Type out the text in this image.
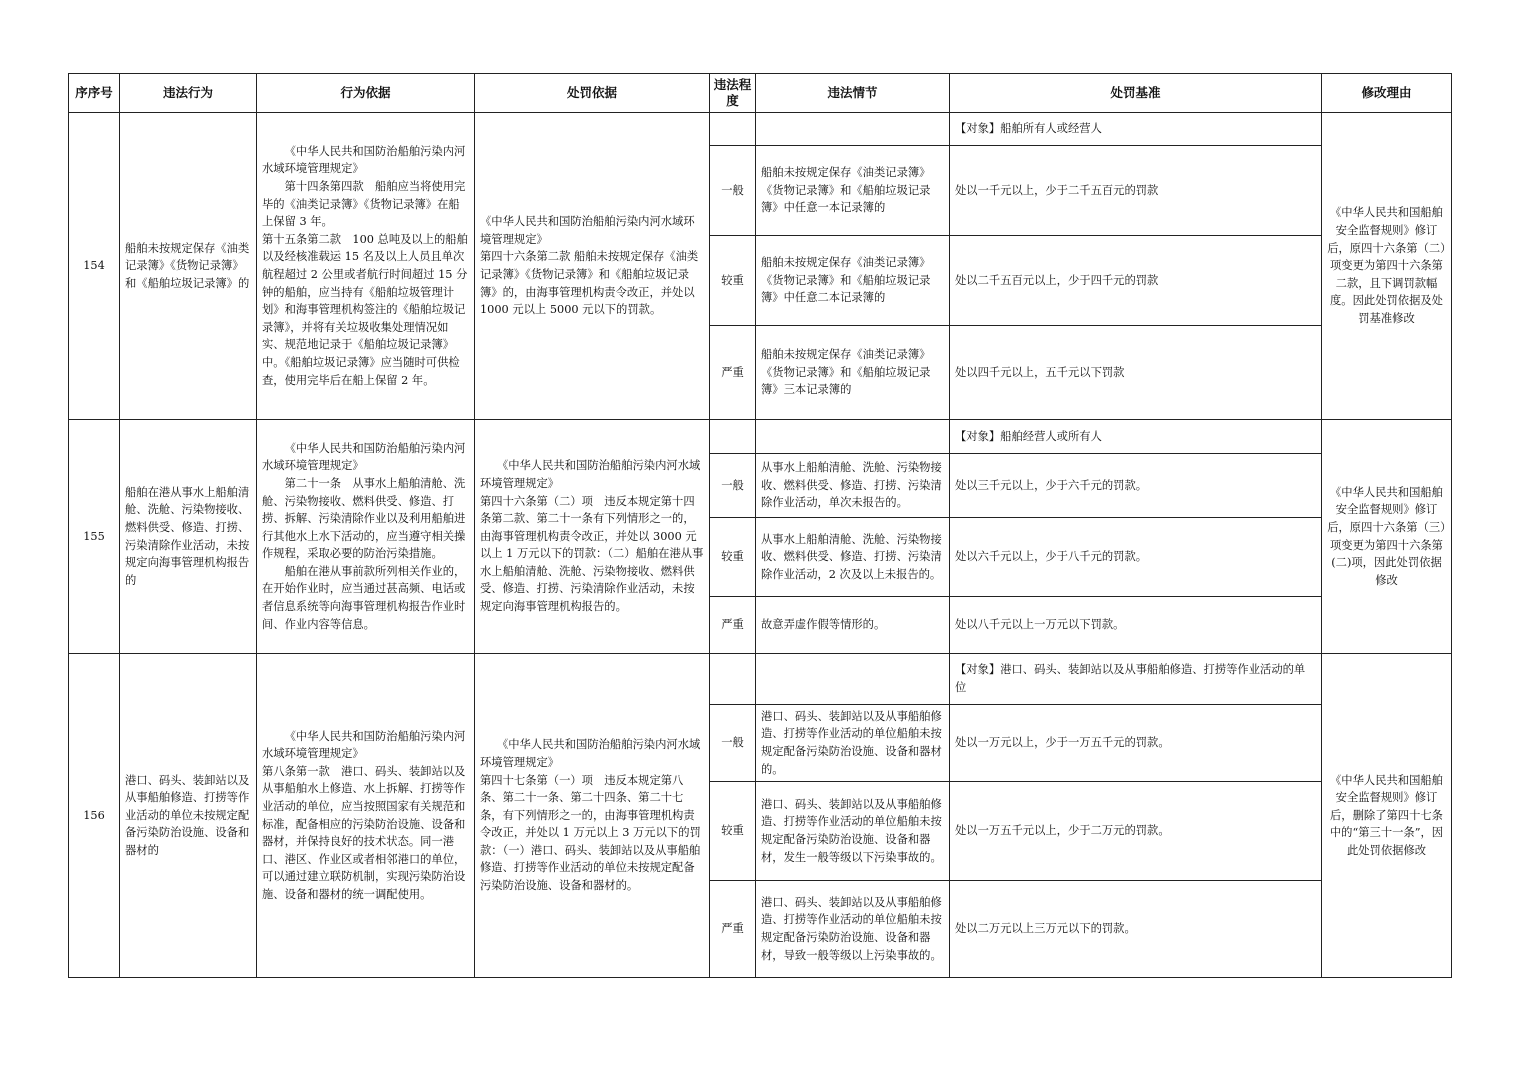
序序号	违法行为	行为依据	处罚依据	违法程度	违法情节	处罚基准	修改理由
154	船舶未按规定保存《油类记录簿》《货物记录簿》和《船舶垃圾记录簿》的	《中华人民共和国防治船舶污染内河水域环境管理规定》
　　第十四条第四款　船舶应当将使用完毕的《油类记录簿》《货物记录簿》在船上保留 3 年。
第十五条第二款　100 总吨及以上的船舶以及经核准载运 15 名及以上人员且单次航程超过 2 公里或者航行时间超过 15 分钟的船舶，应当持有《船舶垃圾管理计划》和海事管理机构签注的《船舶垃圾记录簿》，并将有关垃圾收集处理情况如实、规范地记录于《船舶垃圾记录簿》中。《船舶垃圾记录簿》应当随时可供检查，使用完毕后在船上保留 2 年。	《中华人民共和国防治船舶污染内河水域环境管理规定》
第四十六条第二款 船舶未按规定保存《油类记录簿》《货物记录簿》和《船舶垃圾记录簿》的，由海事管理机构责令改正，并处以 1000 元以上 5000 元以下的罚款。			【对象】船舶所有人或经营人	《中华人民共和国船舶安全监督规则》修订后，原四十六条第（二）项变更为第四十六条第二款，且下调罚款幅度。因此处罚依据及处罚基准修改
				一般	船舶未按规定保存《油类记录簿》《货物记录簿》和《船舶垃圾记录簿》中任意一本记录簿的	处以一千元以上，少于二千五百元的罚款	
				较重	船舶未按规定保存《油类记录簿》《货物记录簿》和《船舶垃圾记录簿》中任意二本记录簿的	处以二千五百元以上，少于四千元的罚款	
				严重	船舶未按规定保存《油类记录簿》《货物记录簿》和《船舶垃圾记录簿》三本记录簿的	处以四千元以上，五千元以下罚款	
155	船舶在港从事水上船舶清舱、洗舱、污染物接收、燃料供受、修造、打捞、污染清除作业活动，未按规定向海事管理机构报告的	《中华人民共和国防治船舶污染内河水域环境管理规定》
　　第二十一条　从事水上船舶清舱、洗舱、污染物接收、燃料供受、修造、打捞、拆解、污染清除作业以及利用船舶进行其他水上水下活动的，应当遵守相关操作规程，采取必要的防治污染措施。
　　船舶在港从事前款所列相关作业的，在开始作业时，应当通过甚高频、电话或者信息系统等向海事管理机构报告作业时间、作业内容等信息。	　　《中华人民共和国防治船舶污染内河水域环境管理规定》
第四十六条第（二）项　违反本规定第十四条第二款、第二十一条有下列情形之一的，由海事管理机构责令改正，并处以 3000 元以上 1 万元以下的罚款：（二）船舶在港从事水上船舶清舱、洗舱、污染物接收、燃料供受、修造、打捞、污染清除作业活动，未按规定向海事管理机构报告的。			【对象】船舶经营人或所有人	《中华人民共和国船舶安全监督规则》修订后，原四十六条第（三）项变更为第四十六条第(二)项，因此处罚依据修改
				一般	从事水上船舶清舱、洗舱、污染物接收、燃料供受、修造、打捞、污染清除作业活动，单次未报告的。	处以三千元以上，少于六千元的罚款。	
				较重	从事水上船舶清舱、洗舱、污染物接收、燃料供受、修造、打捞、污染清除作业活动，2 次及以上未报告的。	处以六千元以上，少于八千元的罚款。	
				严重	故意弄虚作假等情形的。	处以八千元以上一万元以下罚款。	
156	港口、码头、装卸站以及从事船舶修造、打捞等作业活动的单位未按规定配备污染防治设施、设备和器材的	《中华人民共和国防治船舶污染内河水域环境管理规定》
第八条第一款　港口、码头、装卸站以及从事船舶水上修造、水上拆解、打捞等作业活动的单位，应当按照国家有关规范和标准，配备相应的污染防治设施、设备和器材，并保持良好的技术状态。同一港口、港区、作业区或者相邻港口的单位，可以通过建立联防机制，实现污染防治设施、设备和器材的统一调配使用。	　　《中华人民共和国防治船舶污染内河水域环境管理规定》
第四十七条第（一）项　违反本规定第八条、第二十一条、第二十四条、第二十七条，有下列情形之一的，由海事管理机构责令改正，并处以 1 万元以上 3 万元以下的罚款：（一）港口、码头、装卸站以及从事船舶修造、打捞等作业活动的单位未按规定配备污染防治设施、设备和器材的。			【对象】港口、码头、装卸站以及从事船舶修造、打捞等作业活动的单位	《中华人民共和国船舶安全监督规则》修订后，删除了第四十七条中的“第三十一条”，因此处罚依据修改
				一般	港口、码头、装卸站以及从事船舶修造、打捞等作业活动的单位船舶未按规定配备污染防治设施、设备和器材的。	处以一万元以上，少于一万五千元的罚款。	
				较重	港口、码头、装卸站以及从事船舶修造、打捞等作业活动的单位船舶未按规定配备污染防治设施、设备和器材，发生一般等级以下污染事故的。	处以一万五千元以上，少于二万元的罚款。	
				严重	港口、码头、装卸站以及从事船舶修造、打捞等作业活动的单位船舶未按规定配备污染防治设施、设备和器材，导致一般等级以上污染事故的。	处以二万元以上三万元以下的罚款。	
